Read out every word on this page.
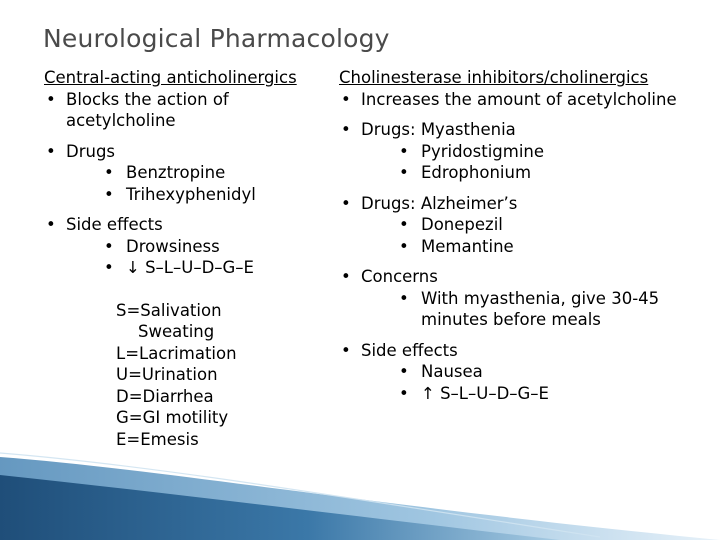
Neurological Pharmacology
Central-acting anticholinergics
• Blocks the action of acetylcholine
• Drugs
• Benztropine
• Trihexyphenidyl
• Side effects
• Drowsiness
• ↓ S–L–U–D–G–E
S=Salivation
Sweating
L=Lacrimation
U=Urination
D=Diarrhea
G=GI motility
E=Emesis
Cholinesterase inhibitors/cholinergics
• Increases the amount of acetylcholine
• Drugs: Myasthenia
• Pyridostigmine
• Edrophonium
• Drugs: Alzheimer’s
• Donepezil
• Memantine
• Concerns
• With myasthenia, give 30-45 minutes before meals
• Side effects
• Nausea
• ↑ S–L–U–D–G–E
